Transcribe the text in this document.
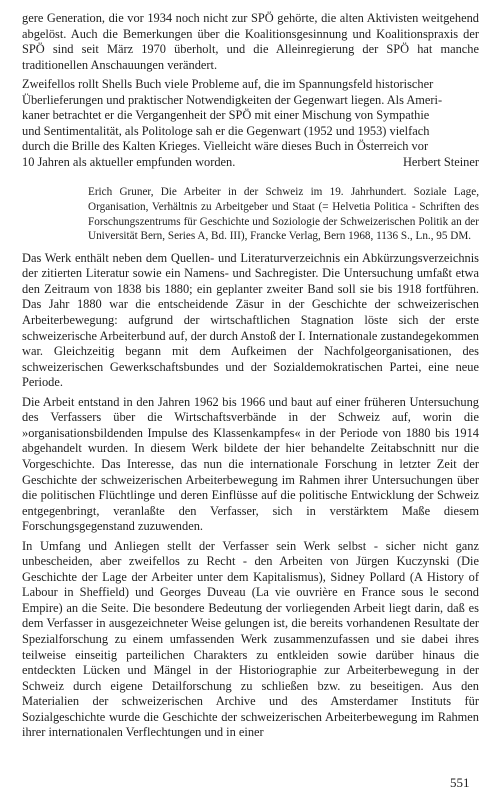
gere Generation, die vor 1934 noch nicht zur SPÖ gehörte, die alten Aktivisten weitgehend abgelöst. Auch die Bemerkungen über die Koalitionsgesinnung und Koalitionspraxis der SPÖ sind seit März 1970 überholt, und die Alleinregierung der SPÖ hat manche traditionellen Anschauungen verändert.

Zweifellos rollt Shells Buch viele Probleme auf, die im Spannungsfeld historischer

Überlieferungen und praktischer Notwendigkeiten der Gegenwart liegen. Als Ameri-

kaner betrachtet er die Vergangenheit der SPÖ mit einer Mischung von Sympathie

und Sentimentalität, als Politologe sah er die Gegenwart (1952 und 1953) vielfach

durch die Brille des Kalten Krieges. Vielleicht wäre dieses Buch in Österreich vor

10 Jahren als aktueller empfunden worden.	Herbert Steiner

Erich Gruner, Die Arbeiter in der Schweiz im 19. Jahrhundert. Soziale Lage, Organisation, Verhältnis zu Arbeitgeber und Staat (= Helvetia Politica - Schriften des Forschungszentrums für Geschichte und Soziologie der Schweizerischen Politik an der Universität Bern, Series A, Bd. III), Francke Verlag, Bern 1968, 1136 S., Ln., 95 DM.

Das Werk enthält neben dem Quellen- und Literaturverzeichnis ein Abkürzungsverzeichnis der zitierten Literatur sowie ein Namens- und Sachregister. Die Untersuchung umfaßt etwa den Zeitraum von 1838 bis 1880; ein geplanter zweiter Band soll sie bis 1918 fortführen. Das Jahr 1880 war die entscheidende Zäsur in der Geschichte der schweizerischen Arbeiterbewegung: aufgrund der wirtschaftlichen Stagnation löste sich der erste schweizerische Arbeiterbund auf, der durch Anstoß der I. Internationale zustandegekommen war. Gleichzeitig begann mit dem Aufkeimen der Nachfolgeorganisationen, des schweizerischen Gewerkschaftsbundes und der Sozialdemokratischen Partei, eine neue Periode.

Die Arbeit entstand in den Jahren 1962 bis 1966 und baut auf einer früheren Untersuchung des Verfassers über die Wirtschaftsverbände in der Schweiz auf, worin die »organisationsbildenden Impulse des Klassenkampfes« in der Periode von 1880 bis 1914 abgehandelt wurden. In diesem Werk bildete der hier behandelte Zeitabschnitt nur die Vorgeschichte. Das Interesse, das nun die internationale Forschung in letzter Zeit der Geschichte der schweizerischen Arbeiterbewegung im Rahmen ihrer Untersuchungen über die politischen Flüchtlinge und deren Einflüsse auf die politische Entwicklung der Schweiz entgegenbringt, veranlaßte den Verfasser, sich in verstärktem Maße diesem Forschungsgegenstand zuzuwenden.

In Umfang und Anliegen stellt der Verfasser sein Werk selbst - sicher nicht ganz unbescheiden, aber zweifellos zu Recht - den Arbeiten von Jürgen Kuczynski (Die Geschichte der Lage der Arbeiter unter dem Kapitalismus), Sidney Pollard (A History of Labour in Sheffield) und Georges Duveau (La vie ouvrière en France sous le second Empire) an die Seite. Die besondere Bedeutung der vorliegenden Arbeit liegt darin, daß es dem Verfasser in ausgezeichneter Weise gelungen ist, die bereits vorhandenen Resultate der Spezialforschung zu einem umfassenden Werk zusammenzufassen und sie dabei ihres teilweise einseitig parteilichen Charakters zu entkleiden sowie darüber hinaus die entdeckten Lücken und Mängel in der Historiographie zur Arbeiterbewegung in der Schweiz durch eigene Detailforschung zu schließen bzw. zu beseitigen. Aus den Materialien der schweizerischen Archive und des Amsterdamer Instituts für Sozialgeschichte wurde die Geschichte der schweizerischen Arbeiterbewegung im Rahmen ihrer internationalen Verflechtungen und in einer

551
